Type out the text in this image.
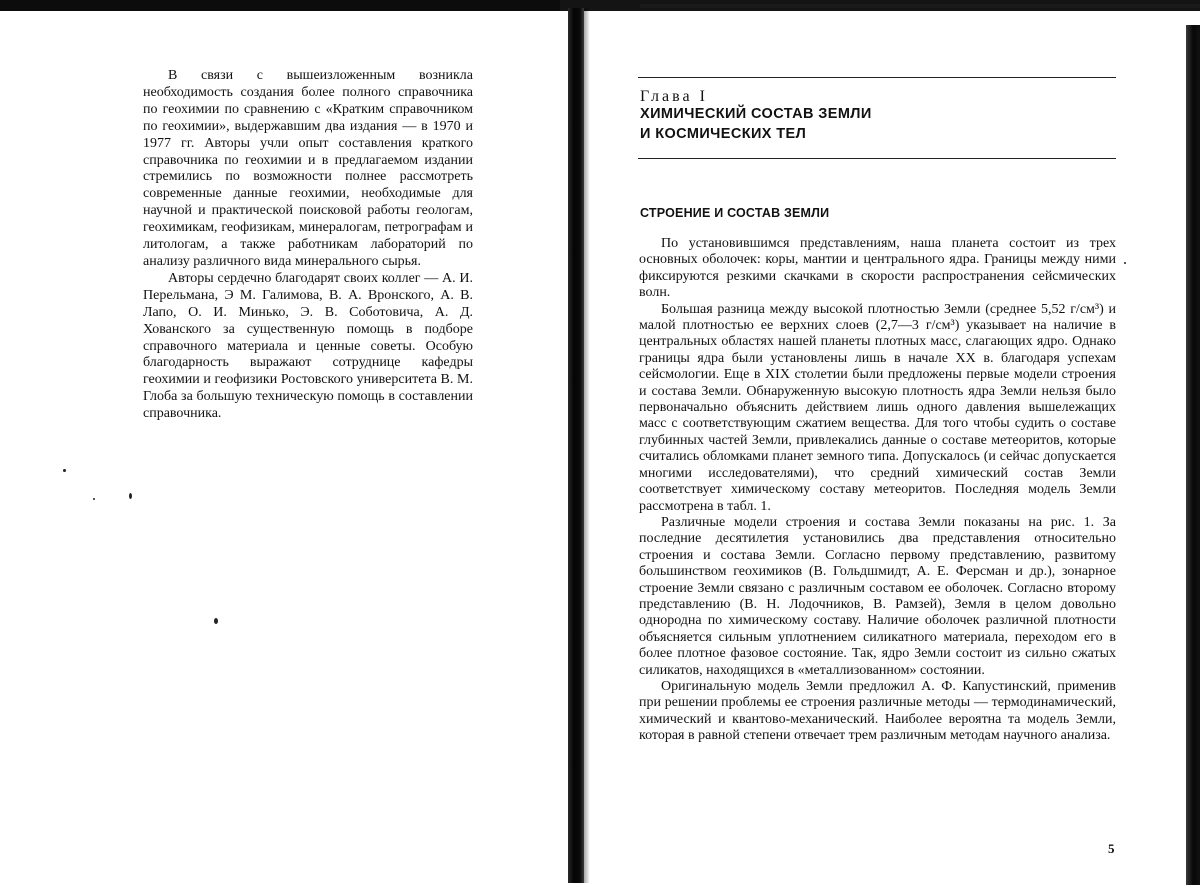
В связи с вышеизложенным возникла необходимость создания более полного справочника по геохимии по сравнению с «Кратким справочником по геохимии», выдержавшим два издания — в 1970 и 1977 гг. Авторы учли опыт составления краткого справочника по геохимии и в предлагаемом издании стремились по возможности полнее рассмотреть современные данные геохимии, необходимые для научной и практической поисковой работы геологам, геохимикам, геофизикам, минералогам, петрографам и литологам, а также работникам лабораторий по анализу различного вида минерального сырья.

Авторы сердечно благодарят своих коллег — А. И. Перельмана, Э М. Галимова, В. А. Вронского, А. В. Лапо, О. И. Минько, Э. В. Соботовича, А. Д. Хованского за существенную помощь в подборе справочного материала и ценные советы. Особую благодарность выражают сотруднице кафедры геохимии и геофизики Ростовского университета В. М. Глоба за большую техническую помощь в составлении справочника.

Глава I
ХИМИЧЕСКИЙ СОСТАВ ЗЕМЛИ
И КОСМИЧЕСКИХ ТЕЛ
СТРОЕНИЕ И СОСТАВ ЗЕМЛИ

По установившимся представлениям, наша планета состоит из трех основных оболочек: коры, мантии и центрального ядра. Границы между ними фиксируются резкими скачками в скорости распространения сейсмических волн.

Большая разница между высокой плотностью Земли (среднее 5,52 г/см³) и малой плотностью ее верхних слоев (2,7—3 г/см³) указывает на наличие в центральных областях нашей планеты плотных масс, слагающих ядро. Однако границы ядра были установлены лишь в начале XX в. благодаря успехам сейсмологии. Еще в XIX столетии были предложены первые модели строения и состава Земли. Обнаруженную высокую плотность ядра Земли нельзя было первоначально объяснить действием лишь одного давления вышележащих масс с соответствующим сжатием вещества. Для того чтобы судить о составе глубинных частей Земли, привлекались данные о составе метеоритов, которые считались обломками планет земного типа. Допускалось (и сейчас допускается многими исследователями), что средний химический состав Земли соответствует химическому составу метеоритов. Последняя модель Земли рассмотрена в табл. 1.

Различные модели строения и состава Земли показаны на рис. 1. За последние десятилетия установились два представления относительно строения и состава Земли. Согласно первому представлению, развитому большинством геохимиков (В. Гольдшмидт, А. Е. Ферсман и др.), зонарное строение Земли связано с различным составом ее оболочек. Согласно второму представлению (В. Н. Лодочников, В. Рамзей), Земля в целом довольно однородна по химическому составу. Наличие оболочек различной плотности объясняется сильным уплотнением силикатного материала, переходом его в более плотное фазовое состояние. Так, ядро Земли состоит из сильно сжатых силикатов, находящихся в «металлизованном» состоянии.

Оригинальную модель Земли предложил А. Ф. Капустинский, применив при решении проблемы ее строения различные методы — термодинамический, химический и квантово-механический. Наиболее вероятна та модель Земли, которая в равной степени отвечает трем различным методам научного анализа.

5
